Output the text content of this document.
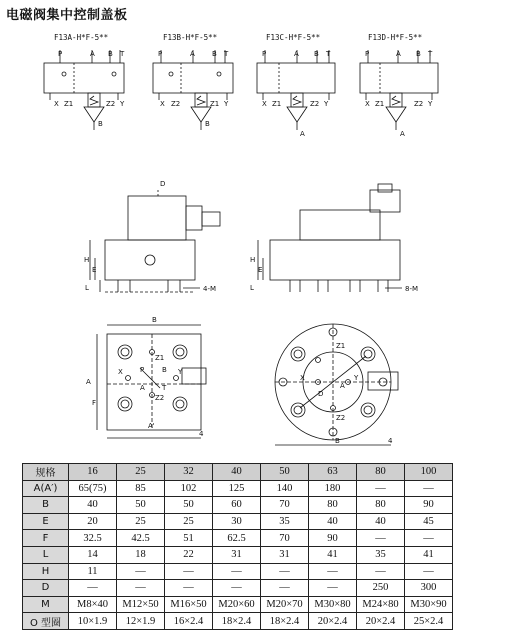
电磁阀集中控制盖板
F13A-H*F-5**
P	A B T
X Z1	Z2 Y
B
F13B-H*F-5**
P	A B T
X Z2	Z1 Y
B
F13C-H*F-5**
P	A B T
X Z1	Z2 Y
A
F13D-H*F-5**
P	A B T
X Z1	Z2 Y
A
H
D
E
L	4-M
H
E
L	8-M
B
A
F
A'
4
X
Z1
Y
P	B
Z2
A T
D
A
B	4
Z1
X	Y
Z2
规格	16	25	32	40	50	63	80	100
A(A′)	65(75)	85	102	125	140	180	—	—
B	40	50	50	60	70	80	80	90
E	20	25	25	30	35	40	40	45
F	32.5	42.5	51	62.5	70	90	—	—
L	14	18	22	31	31	41	35	41
H	11	—	—	—	—	—	—	—
D	—	—	—	—	—	—	250	300
M	M8×40	M12×50	M16×50	M20×60	M20×70	M30×80	M24×80	M30×90
O 型圈	10×1.9	12×1.9	16×2.4	18×2.4	18×2.4	20×2.4	20×2.4	25×2.4
